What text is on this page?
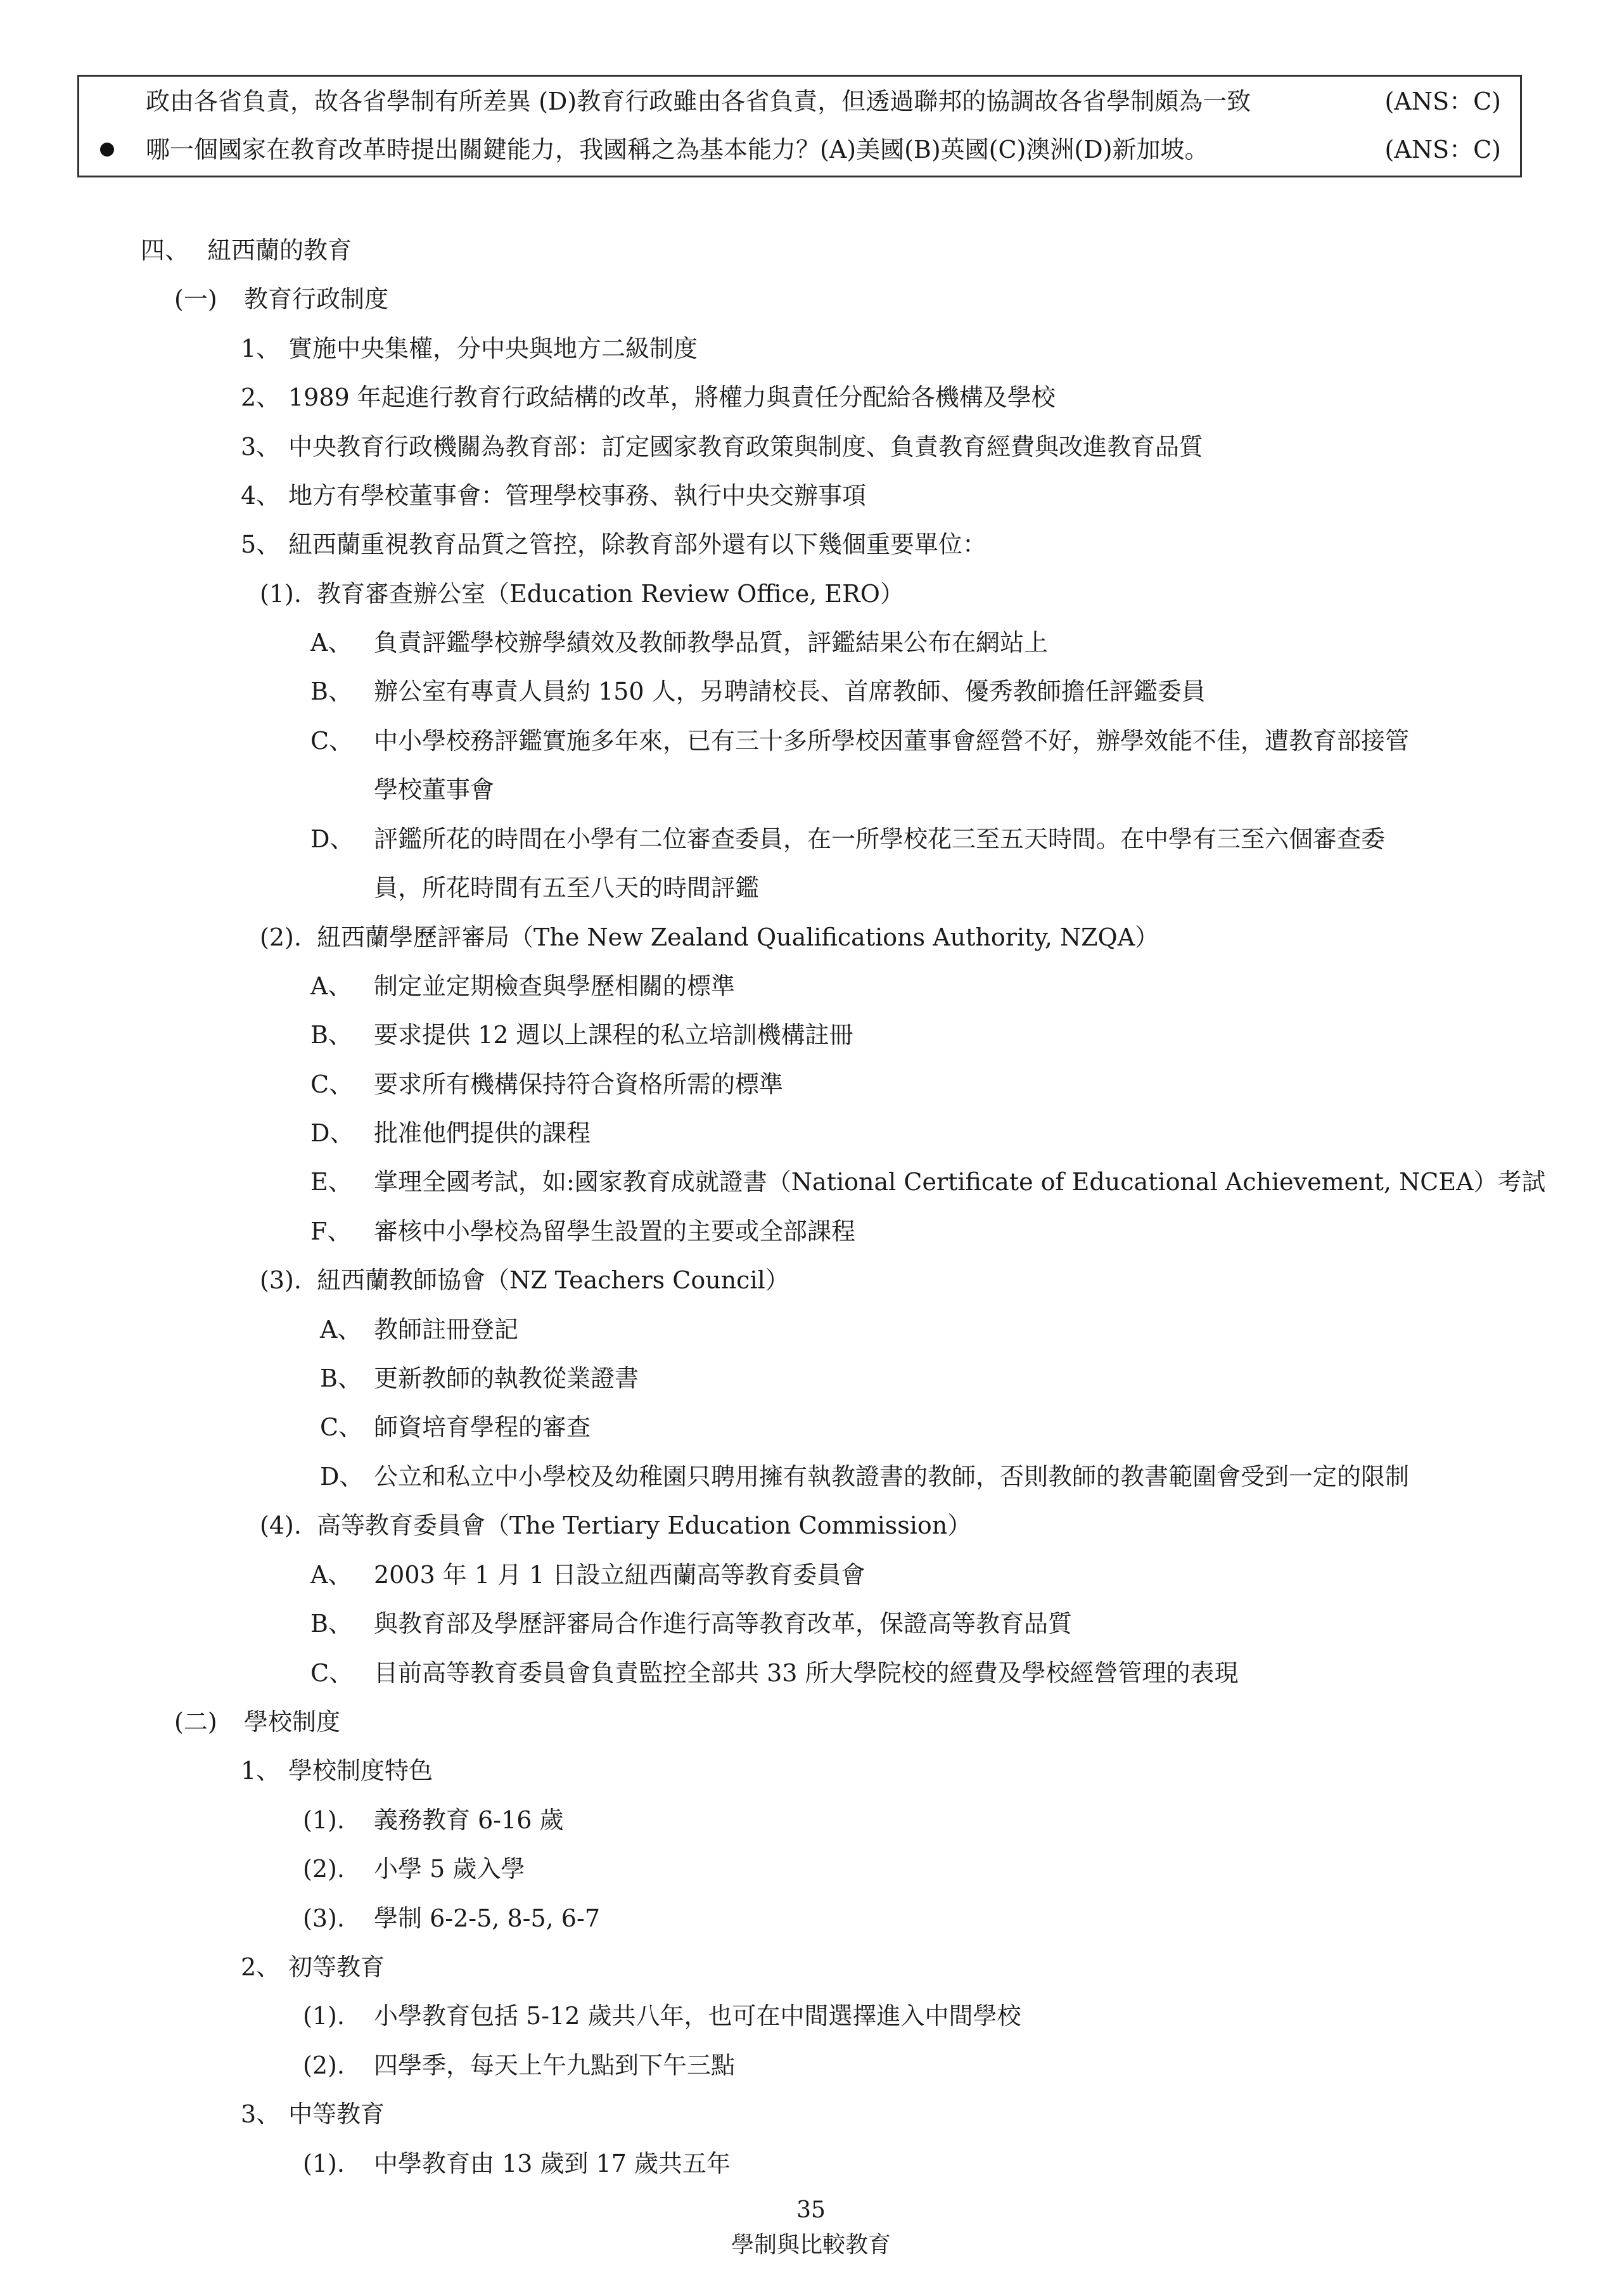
政由各省負責，故各省學制有所差異 (D)教育行政雖由各省負責，但透過聯邦的協調故各省學制頗為一致	(ANS：C)
哪一個國家在教育改革時提出關鍵能力，我國稱之為基本能力？(A)美國(B)英國(C)澳洲(D)新加坡。	(ANS：C)
四、 紐西蘭的教育
(一)	教育行政制度
1、 實施中央集權，分中央與地方二級制度
2、 1989 年起進行教育行政結構的改革，將權力與責任分配給各機構及學校
3、 中央教育行政機關為教育部：訂定國家教育政策與制度、負責教育經費與改進教育品質
4、 地方有學校董事會：管理學校事務、執行中央交辦事項
5、 紐西蘭重視教育品質之管控，除教育部外還有以下幾個重要單位：
(1). 教育審查辦公室（Education Review Office, ERO）
A、 負責評鑑學校辦學績效及教師教學品質，評鑑結果公布在網站上
B、 辦公室有專責人員約 150 人，另聘請校長、首席教師、優秀教師擔任評鑑委員
C、 中小學校務評鑑實施多年來，已有三十多所學校因董事會經營不好，辦學效能不佳，遭教育部接管
學校董事會
D、 評鑑所花的時間在小學有二位審查委員，在一所學校花三至五天時間。在中學有三至六個審查委
員，所花時間有五至八天的時間評鑑
(2). 紐西蘭學歷評審局（The New Zealand Qualifications Authority, NZQA）
A、 制定並定期檢查與學歷相關的標準
B、 要求提供 12 週以上課程的私立培訓機構註冊
C、 要求所有機構保持符合資格所需的標準
D、 批准他們提供的課程
E、 掌理全國考試，如:國家教育成就證書（National Certificate of Educational Achievement, NCEA）考試
F、 審核中小學校為留學生設置的主要或全部課程
(3). 紐西蘭教師協會（NZ Teachers Council）
A、 教師註冊登記
B、 更新教師的執教從業證書
C、 師資培育學程的審查
D、 公立和私立中小學校及幼稚園只聘用擁有執教證書的教師，否則教師的教書範圍會受到一定的限制
(4). 高等教育委員會（The Tertiary Education Commission）
A、 2003 年 1 月 1 日設立紐西蘭高等教育委員會
B、 與教育部及學歷評審局合作進行高等教育改革，保證高等教育品質
C、 目前高等教育委員會負責監控全部共 33 所大學院校的經費及學校經營管理的表現
(二)	學校制度
1、 學校制度特色
(1).	義務教育 6-16 歲
(2).	小學 5 歲入學
(3).	學制 6-2-5, 8-5, 6-7
2、 初等教育
(1).	小學教育包括 5-12 歲共八年，也可在中間選擇進入中間學校
(2).	四學季，每天上午九點到下午三點
3、 中等教育
(1).	中學教育由 13 歲到 17 歲共五年
35
學制與比較教育
